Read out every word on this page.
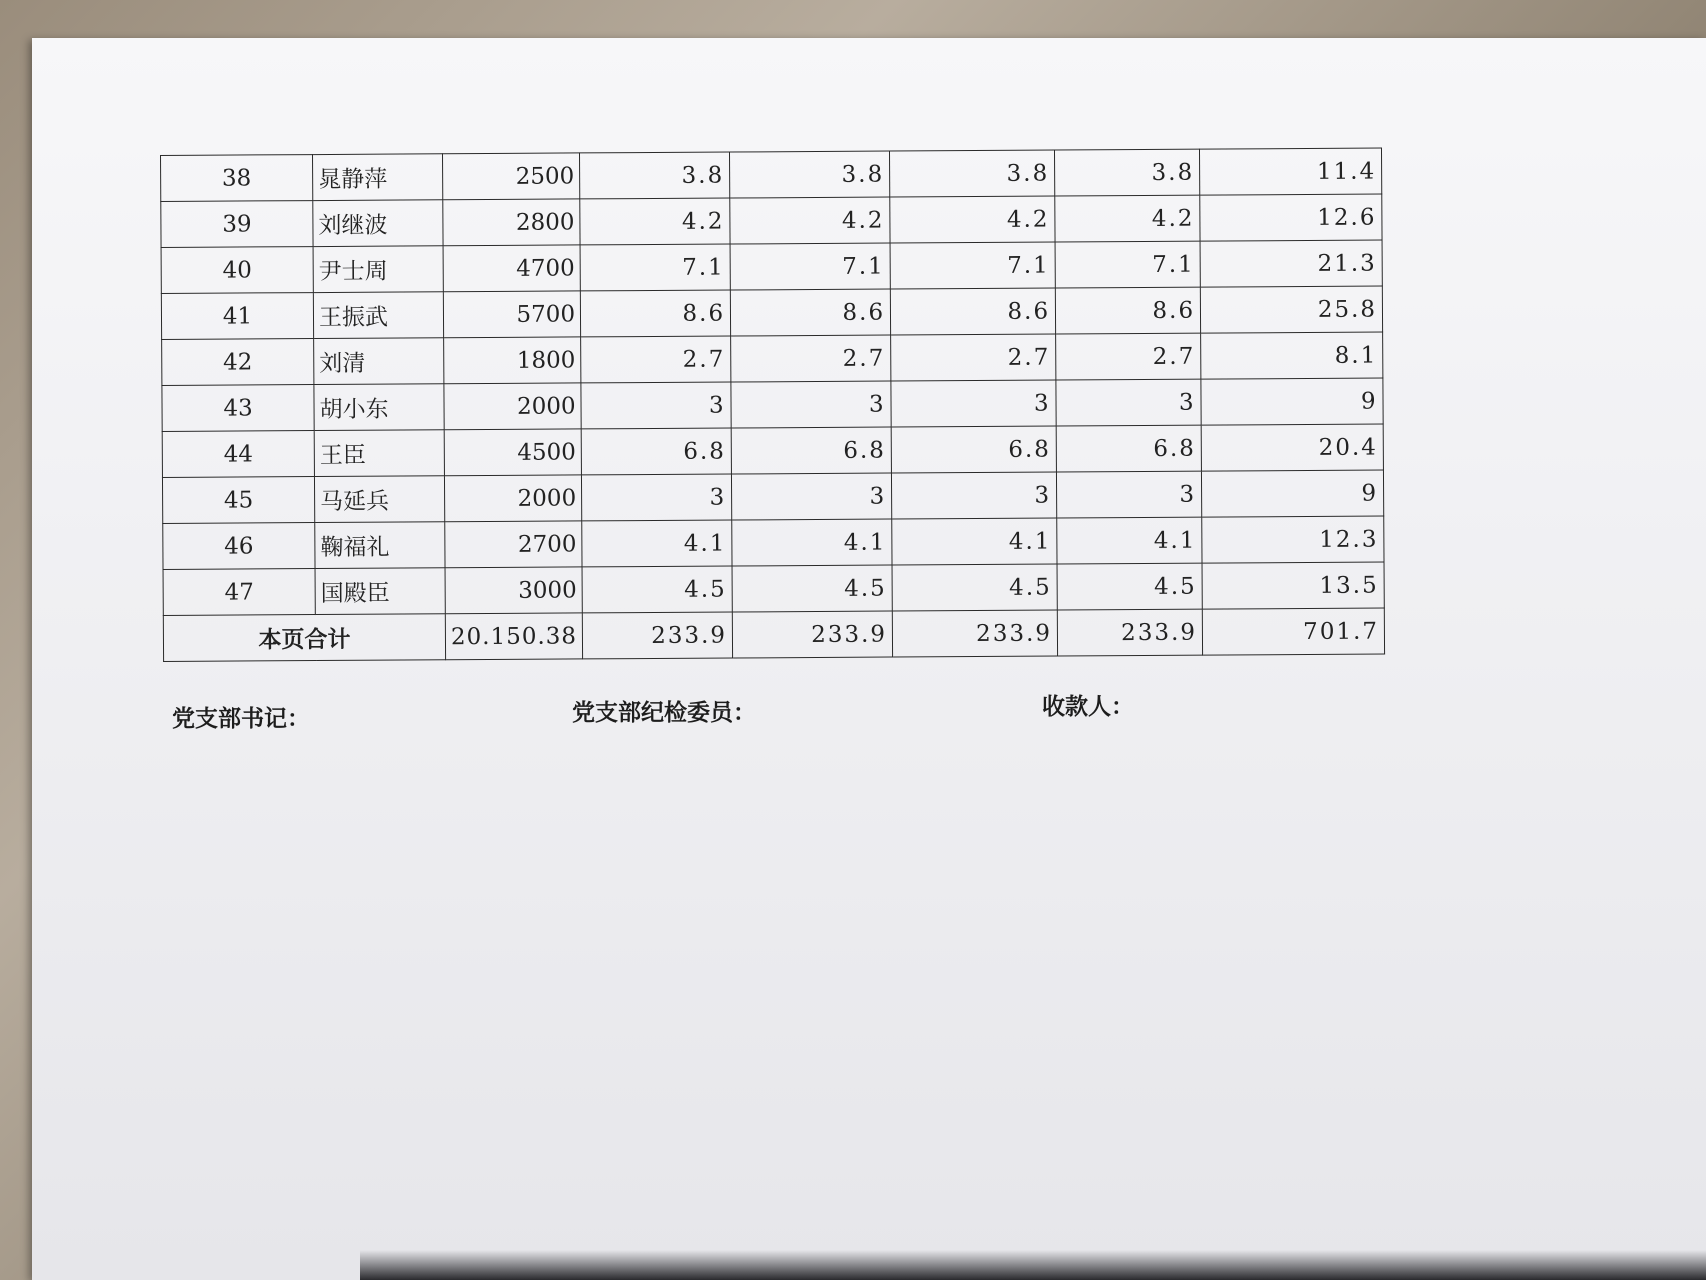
38	晁静萍	2500	3.8	3.8	3.8	3.8	11.4
39	刘继波	2800	4.2	4.2	4.2	4.2	12.6
40	尹士周	4700	7.1	7.1	7.1	7.1	21.3
41	王振武	5700	8.6	8.6	8.6	8.6	25.8
42	刘清	1800	2.7	2.7	2.7	2.7	8.1
43	胡小东	2000	3	3	3	3	9
44	王臣	4500	6.8	6.8	6.8	6.8	20.4
45	马延兵	2000	3	3	3	3	9
46	鞠福礼	2700	4.1	4.1	4.1	4.1	12.3
47	国殿臣	3000	4.5	4.5	4.5	4.5	13.5
本页合计		20.150.38	233.9	233.9	233.9	233.9	701.7
党支部书记：	党支部纪检委员：	收款人：
